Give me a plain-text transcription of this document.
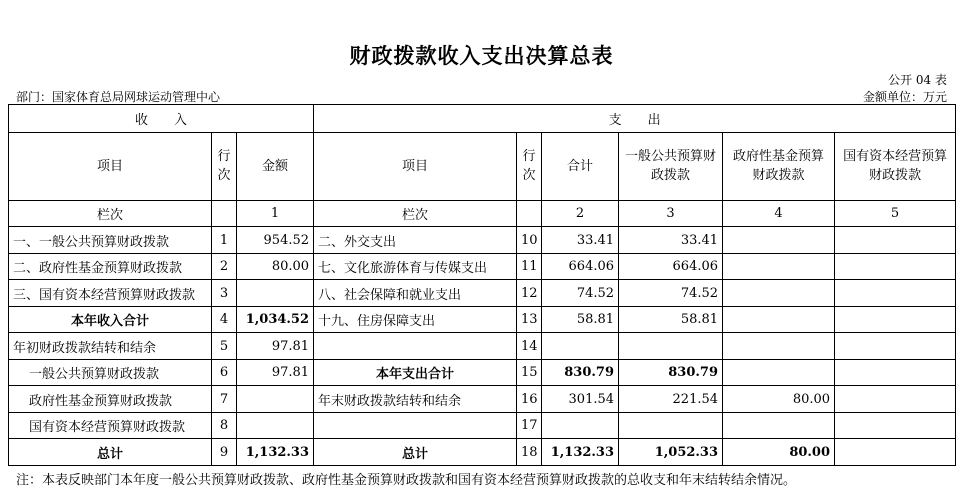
财政拨款收入支出决算总表
公开 04 表
部门：国家体育总局网球运动管理中心	金额单位：万元
收　　入			支　　出					
项目	行次	金额	项目	行次	合计	一般公共预算财政拨款	政府性基金预算财政拨款	国有资本经营预算财政拨款
栏次		1	栏次		2	3	4	5
一、一般公共预算财政拨款	1	954.52	二、外交支出	10	33.41	33.41		
二、政府性基金预算财政拨款	2	80.00	七、文化旅游体育与传媒支出	11	664.06	664.06		
三、国有资本经营预算财政拨款	3		八、社会保障和就业支出	12	74.52	74.52		
本年收入合计	4	1,034.52	十九、住房保障支出	13	58.81	58.81		
年初财政拨款结转和结余	5	97.81		14				
一般公共预算财政拨款	6	97.81	本年支出合计	15	830.79	830.79		
政府性基金预算财政拨款	7		年末财政拨款结转和结余	16	301.54	221.54	80.00	
国有资本经营预算财政拨款	8			17				
总计	9	1,132.33	总计	18	1,132.33	1,052.33	80.00	
注：本表反映部门本年度一般公共预算财政拨款、政府性基金预算财政拨款和国有资本经营预算财政拨款的总收支和年末结转结余情况。
